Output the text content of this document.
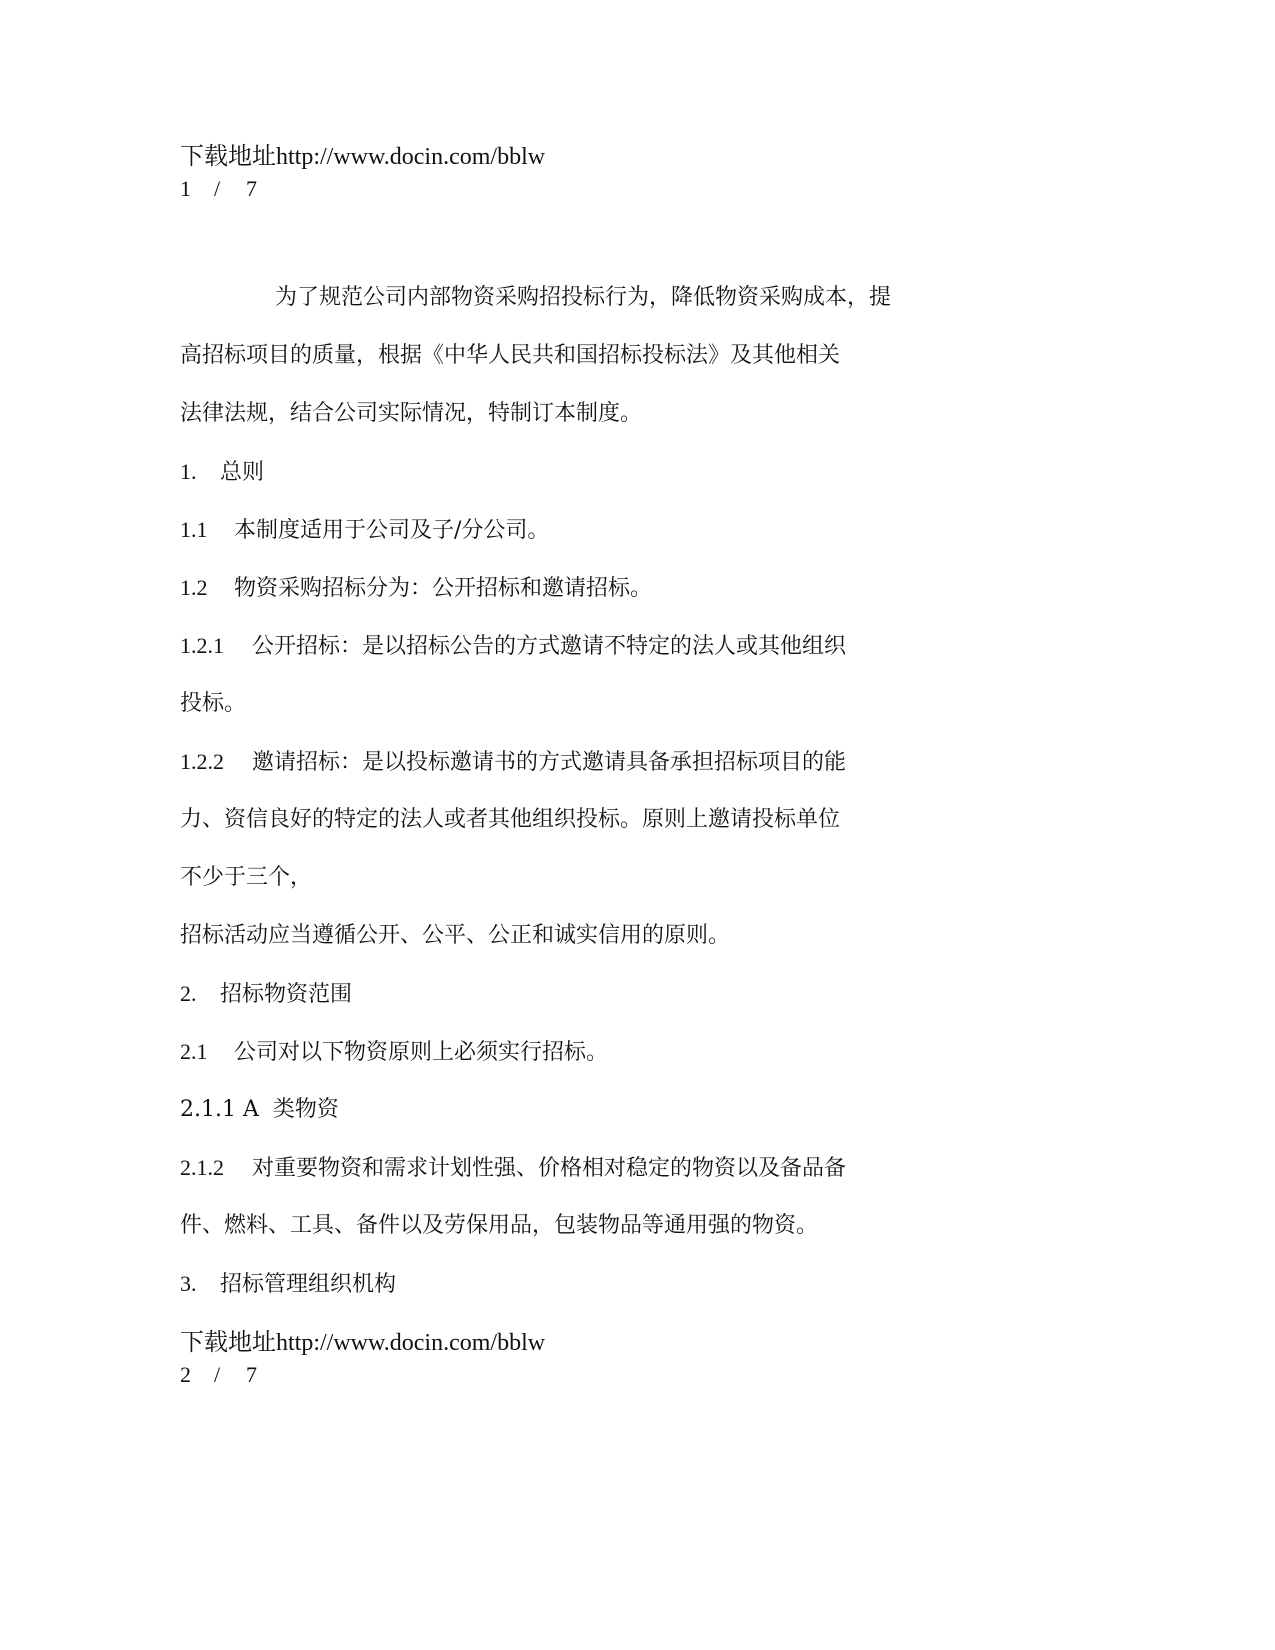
下载地址http://www.docin.com/bblw
1 / 7
为了规范公司内部物资采购招投标行为，降低物资采购成本，提
高招标项目的质量，根据《中华人民共和国招标投标法》及其他相关
法律法规，结合公司实际情况，特制订本制度。
1. 总则
1.1 本制度适用于公司及子/分公司。
1.2 物资采购招标分为：公开招标和邀请招标。
1.2.1 公开招标：是以招标公告的方式邀请不特定的法人或其他组织
投标。
1.2.2 邀请招标：是以投标邀请书的方式邀请具备承担招标项目的能
力、资信良好的特定的法人或者其他组织投标。原则上邀请投标单位
不少于三个，
招标活动应当遵循公开、公平、公正和诚实信用的原则。
2. 招标物资范围
2.1 公司对以下物资原则上必须实行招标。
2.1.1 A  类物资
2.1.2 对重要物资和需求计划性强、价格相对稳定的物资以及备品备
件、燃料、工具、备件以及劳保用品，包装物品等通用强的物资。
3. 招标管理组织机构
下载地址http://www.docin.com/bblw
2 / 7
